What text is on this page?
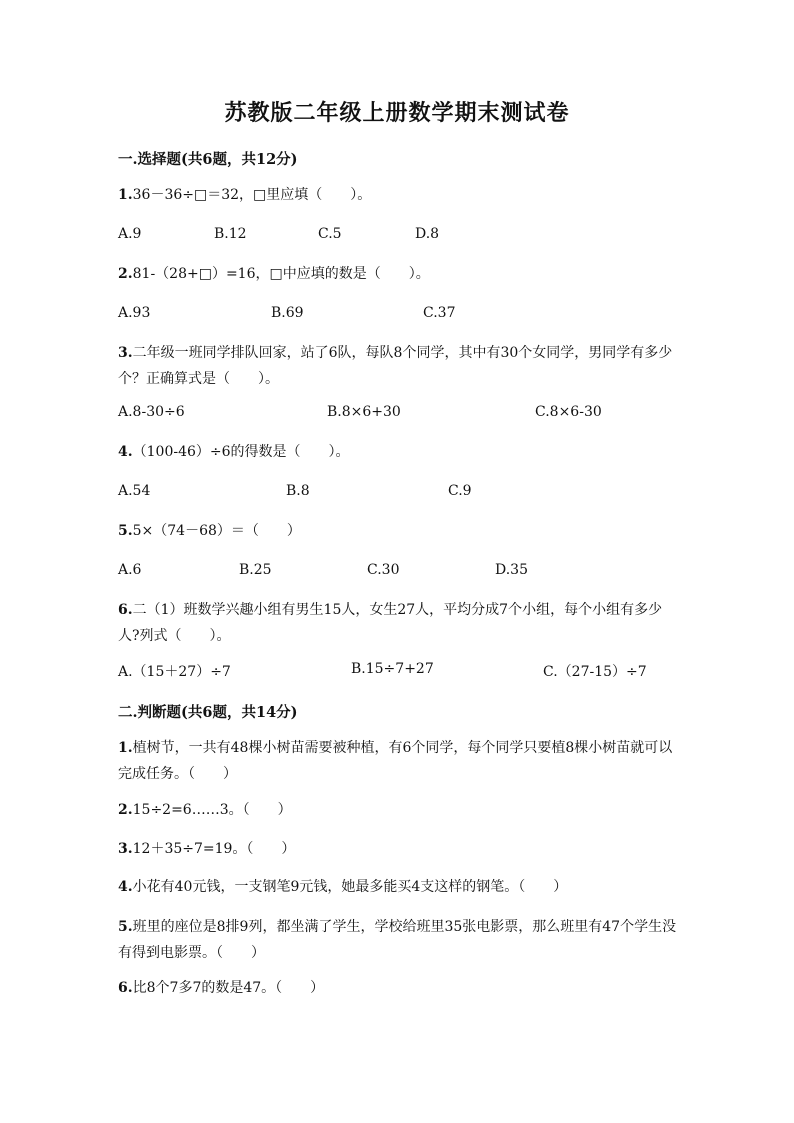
苏教版二年级上册数学期末测试卷
一.选择题(共6题，共12分)
1.36－36÷□＝32，□里应填（　　）。
A.9	B.12	C.5	D.8
2.81-（28+□）=16，□中应填的数是（　　）。
A.93	B.69	C.37
3.二年级一班同学排队回家，站了6队，每队8个同学，其中有30个女同学，男同学有多少个？正确算式是（　　）。
A.8-30÷6	B.8×6+30	C.8×6-30
4.（100-46）÷6的得数是（　　）。
A.54	B.8	C.9
5.5×（74－68）＝（　　）
A.6	B.25	C.30	D.35
6.二（1）班数学兴趣小组有男生15人，女生27人，平均分成7个小组，每个小组有多少人?列式（　　）。
A.（15＋27）÷7	B.15÷7+27	C.（27-15）÷7
二.判断题(共6题，共14分)
1.植树节，一共有48棵小树苗需要被种植，有6个同学，每个同学只要植8棵小树苗就可以完成任务。（　　）
2.15÷2=6……3。（　　）
3.12＋35÷7=19。（　　）
4.小花有40元钱，一支钢笔9元钱，她最多能买4支这样的钢笔。（　　）
5.班里的座位是8排9列，都坐满了学生，学校给班里35张电影票，那么班里有47个学生没有得到电影票。（　　）
6.比8个7多7的数是47。（　　）
